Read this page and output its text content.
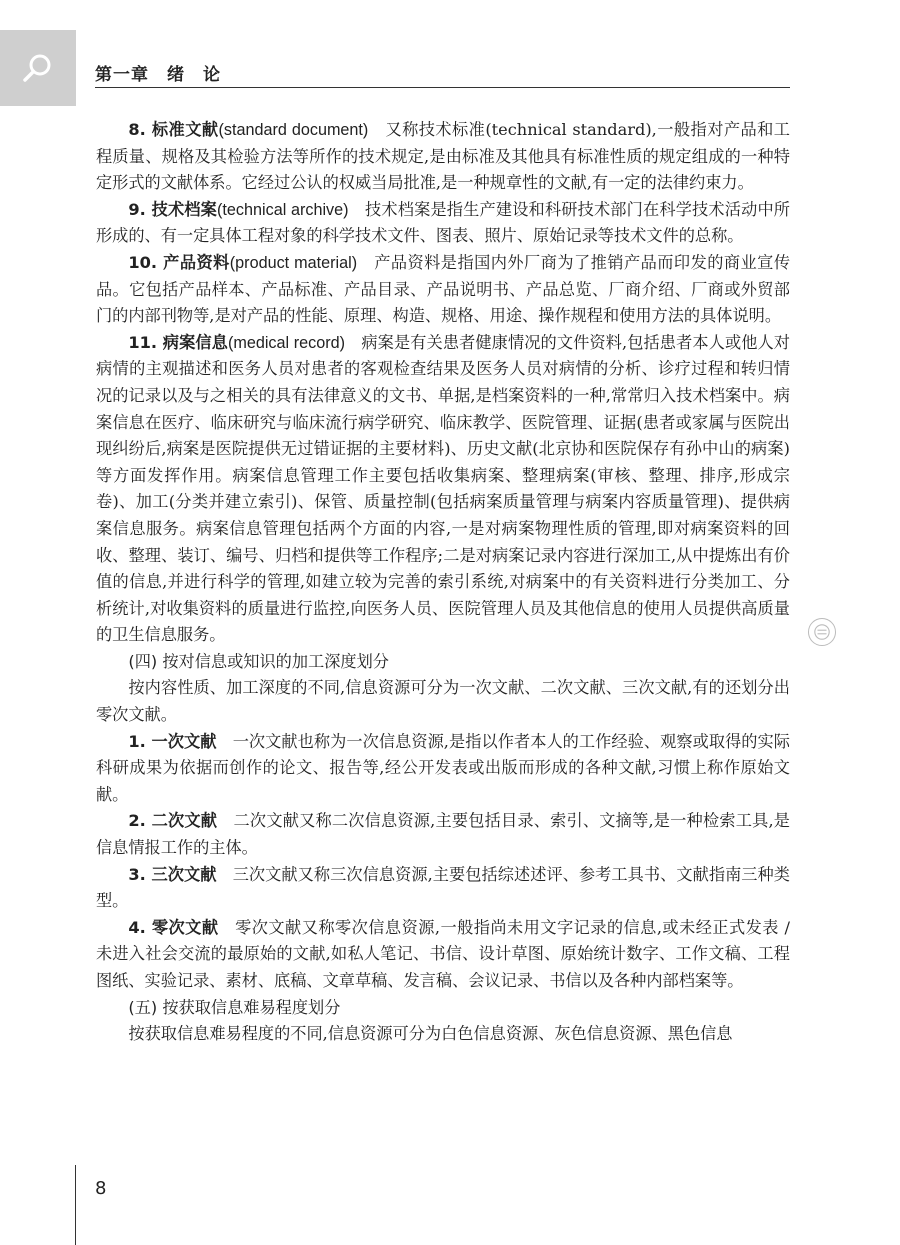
第一章　绪　论

8. 标准文献(standard document)　又称技术标准(technical standard),一般指对产品和工程质量、规格及其检验方法等所作的技术规定,是由标准及其他具有标准性质的规定组成的一种特定形式的文献体系。它经过公认的权威当局批准,是一种规章性的文献,有一定的法律约束力。

9. 技术档案(technical archive)　技术档案是指生产建设和科研技术部门在科学技术活动中所形成的、有一定具体工程对象的科学技术文件、图表、照片、原始记录等技术文件的总称。

10. 产品资料(product material)　产品资料是指国内外厂商为了推销产品而印发的商业宣传品。它包括产品样本、产品标准、产品目录、产品说明书、产品总览、厂商介绍、厂商或外贸部门的内部刊物等,是对产品的性能、原理、构造、规格、用途、操作规程和使用方法的具体说明。

11. 病案信息(medical record)　病案是有关患者健康情况的文件资料,包括患者本人或他人对病情的主观描述和医务人员对患者的客观检查结果及医务人员对病情的分析、诊疗过程和转归情况的记录以及与之相关的具有法律意义的文书、单据,是档案资料的一种,常常归入技术档案中。病案信息在医疗、临床研究与临床流行病学研究、临床教学、医院管理、证据(患者或家属与医院出现纠纷后,病案是医院提供无过错证据的主要材料)、历史文献(北京协和医院保存有孙中山的病案)等方面发挥作用。病案信息管理工作主要包括收集病案、整理病案(审核、整理、排序,形成宗卷)、加工(分类并建立索引)、保管、质量控制(包括病案质量管理与病案内容质量管理)、提供病案信息服务。病案信息管理包括两个方面的内容,一是对病案物理性质的管理,即对病案资料的回收、整理、装订、编号、归档和提供等工作程序;二是对病案记录内容进行深加工,从中提炼出有价值的信息,并进行科学的管理,如建立较为完善的索引系统,对病案中的有关资料进行分类加工、分析统计,对收集资料的质量进行监控,向医务人员、医院管理人员及其他信息的使用人员提供高质量的卫生信息服务。

(四) 按对信息或知识的加工深度划分

按内容性质、加工深度的不同,信息资源可分为一次文献、二次文献、三次文献,有的还划分出零次文献。

1. 一次文献　一次文献也称为一次信息资源,是指以作者本人的工作经验、观察或取得的实际科研成果为依据而创作的论文、报告等,经公开发表或出版而形成的各种文献,习惯上称作原始文献。

2. 二次文献　二次文献又称二次信息资源,主要包括目录、索引、文摘等,是一种检索工具,是信息情报工作的主体。

3. 三次文献　三次文献又称三次信息资源,主要包括综述述评、参考工具书、文献指南三种类型。

4. 零次文献　零次文献又称零次信息资源,一般指尚未用文字记录的信息,或未经正式发表 / 未进入社会交流的最原始的文献,如私人笔记、书信、设计草图、原始统计数字、工作文稿、工程图纸、实验记录、素材、底稿、文章草稿、发言稿、会议记录、书信以及各种内部档案等。

(五) 按获取信息难易程度划分

按获取信息难易程度的不同,信息资源可分为白色信息资源、灰色信息资源、黑色信息

8
